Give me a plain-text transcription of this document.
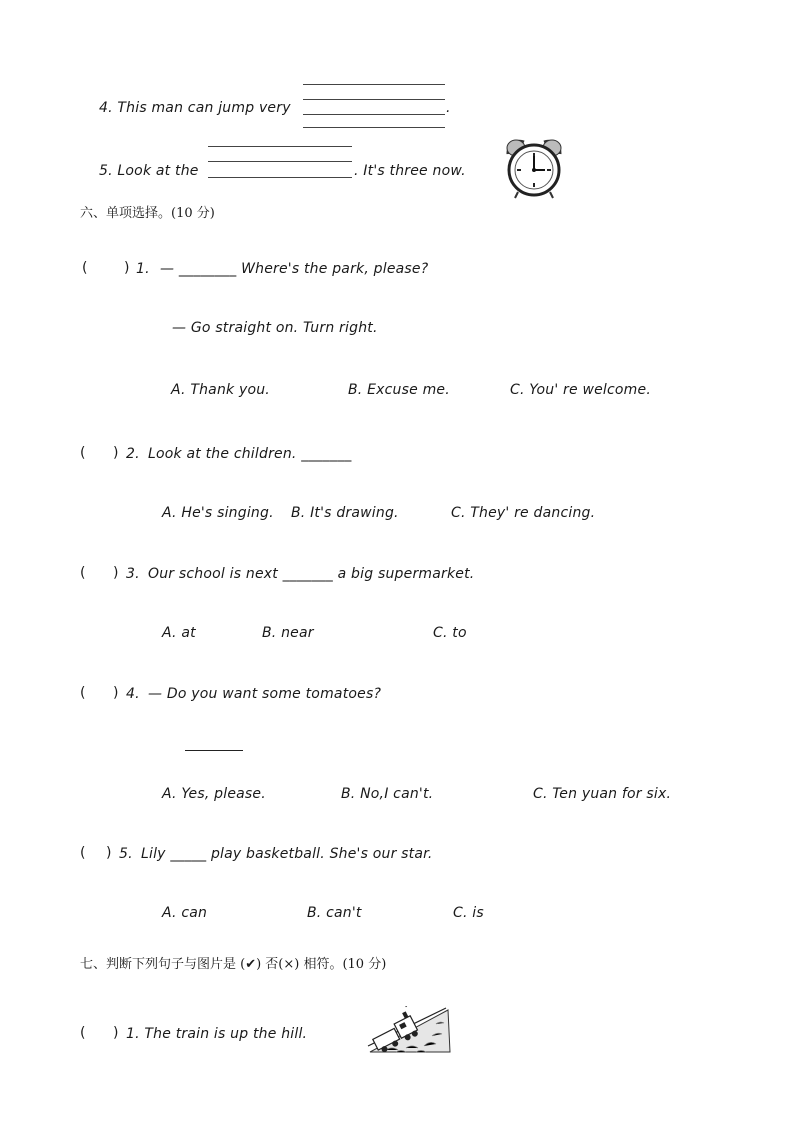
4. This man can jump very	.
5. Look at the	. It's three now.
六、单项选择。(10 分)
(	) 1. — ________ Where's the park, please?
— Go straight on. Turn right.
A. Thank you.	B. Excuse me.	C. You' re welcome.
( ) 2. Look at the children. _______
A. He's singing. B. It's drawing.	C. They' re dancing.
( ) 3. Our school is next _______ a big supermarket.
A. at	B. near	C. to
( ) 4. — Do you want some tomatoes?
A. Yes, please.	B. No,I can't.	C. Ten yuan for six.
( ) 5. Lily _____ play basketball. She's our star.
A. can	B. can't	C. is
七、判断下列句子与图片是 (✔) 否(×) 相符。(10 分)
( ) 1. The train is up the hill.
